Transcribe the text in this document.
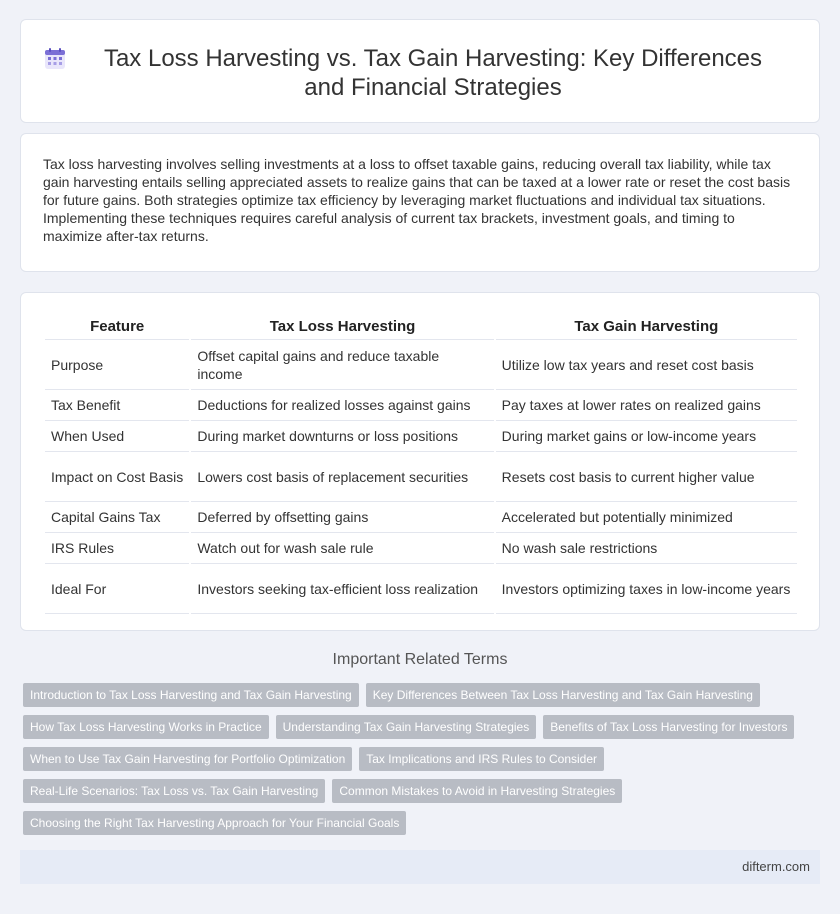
Tax Loss Harvesting vs. Tax Gain Harvesting: Key Differences and Financial Strategies

Tax loss harvesting involves selling investments at a loss to offset taxable gains, reducing overall tax liability, while tax gain harvesting entails selling appreciated assets to realize gains that can be taxed at a lower rate or reset the cost basis for future gains. Both strategies optimize tax efficiency by leveraging market fluctuations and individual tax situations. Implementing these techniques requires careful analysis of current tax brackets, investment goals, and timing to maximize after-tax returns.

Feature	Tax Loss Harvesting	Tax Gain Harvesting
Purpose	Offset capital gains and reduce taxable income	Utilize low tax years and reset cost basis
Tax Benefit	Deductions for realized losses against gains	Pay taxes at lower rates on realized gains
When Used	During market downturns or loss positions	During market gains or low-income years
Impact on Cost Basis	Lowers cost basis of replacement securities	Resets cost basis to current higher value
Capital Gains Tax	Deferred by offsetting gains	Accelerated but potentially minimized
IRS Rules	Watch out for wash sale rule	No wash sale restrictions
Ideal For	Investors seeking tax-efficient loss realization	Investors optimizing taxes in low-income years
Important Related Terms
Introduction to Tax Loss Harvesting and Tax Gain Harvesting	Key Differences Between Tax Loss Harvesting and Tax Gain Harvesting
How Tax Loss Harvesting Works in Practice	Understanding Tax Gain Harvesting Strategies	Benefits of Tax Loss Harvesting for Investors
When to Use Tax Gain Harvesting for Portfolio Optimization	Tax Implications and IRS Rules to Consider
Real-Life Scenarios: Tax Loss vs. Tax Gain Harvesting	Common Mistakes to Avoid in Harvesting Strategies
Choosing the Right Tax Harvesting Approach for Your Financial Goals
difterm.com
